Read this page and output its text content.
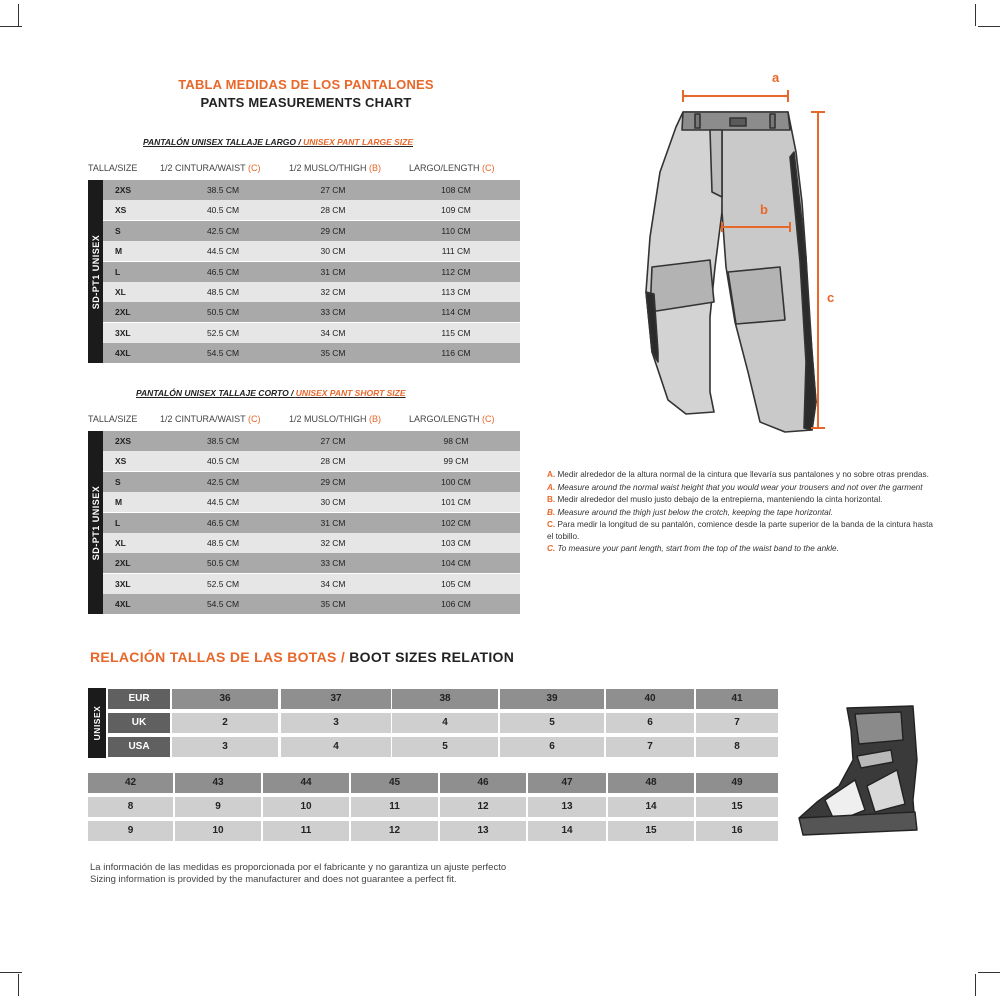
TABLA MEDIDAS DE LOS PANTALONES
PANTS MEASUREMENTS CHART
PANTALÓN UNISEX TALLAJE LARGO / UNISEX PANT LARGE SIZE
TALLA/SIZE	1/2 CINTURA/WAIST (C)	1/2 MUSLO/THIGH (B)	LARGO/LENGTH (C)
SD-PT1 UNISEX
2XS	38.5 CM	27 CM	108 CM
XS	40.5 CM	28 CM	109 CM
S	42.5 CM	29 CM	110 CM
M	44.5 CM	30 CM	111 CM
L	46.5 CM	31 CM	112 CM
XL	48.5 CM	32 CM	113 CM
2XL	50.5 CM	33 CM	114 CM
3XL	52.5 CM	34 CM	115 CM
4XL	54.5 CM	35 CM	116 CM
PANTALÓN UNISEX TALLAJE CORTO / UNISEX PANT SHORT SIZE
TALLA/SIZE	1/2 CINTURA/WAIST (C)	1/2 MUSLO/THIGH (B)	LARGO/LENGTH (C)
SD-PT1 UNISEX
2XS	38.5 CM	27 CM	98 CM
XS	40.5 CM	28 CM	99 CM
S	42.5 CM	29 CM	100 CM
M	44.5 CM	30 CM	101 CM
L	46.5 CM	31 CM	102 CM
XL	48.5 CM	32 CM	103 CM
2XL	50.5 CM	33 CM	104 CM
3XL	52.5 CM	34 CM	105 CM
4XL	54.5 CM	35 CM	106 CM
a
b
c

A. Medir alrededor de la altura normal de la cintura que llevaría sus pantalones y no sobre otras prendas.

A. Measure around the normal waist height that you would wear your trousers and not over the garment

B. Medir alrededor del muslo justo debajo de la entrepierna, manteniendo la cinta horizontal.

B. Measure around the thigh just below the crotch, keeping the tape horizontal.

C. Para medir la longitud de su pantalón, comience desde la parte superior de la banda de la cintura hasta el tobillo.

C. To measure your pant length, start from the top of the waist band to the ankle.

RELACIÓN TALLAS DE LAS BOTAS / BOOT SIZES RELATION
UNISEX
EUR	36	37	38	39	40	41
UK	2	3	4	5	6	7
USA	3	4	5	6	7	8
42	43	44	45	46	47	48	49
8	9	10	11	12	13	14	15
9	10	11	12	13	14	15	16
La información de las medidas es proporcionada por el fabricante y no garantiza un ajuste perfecto
Sizing information is provided by the manufacturer and does not guarantee a perfect fit.
